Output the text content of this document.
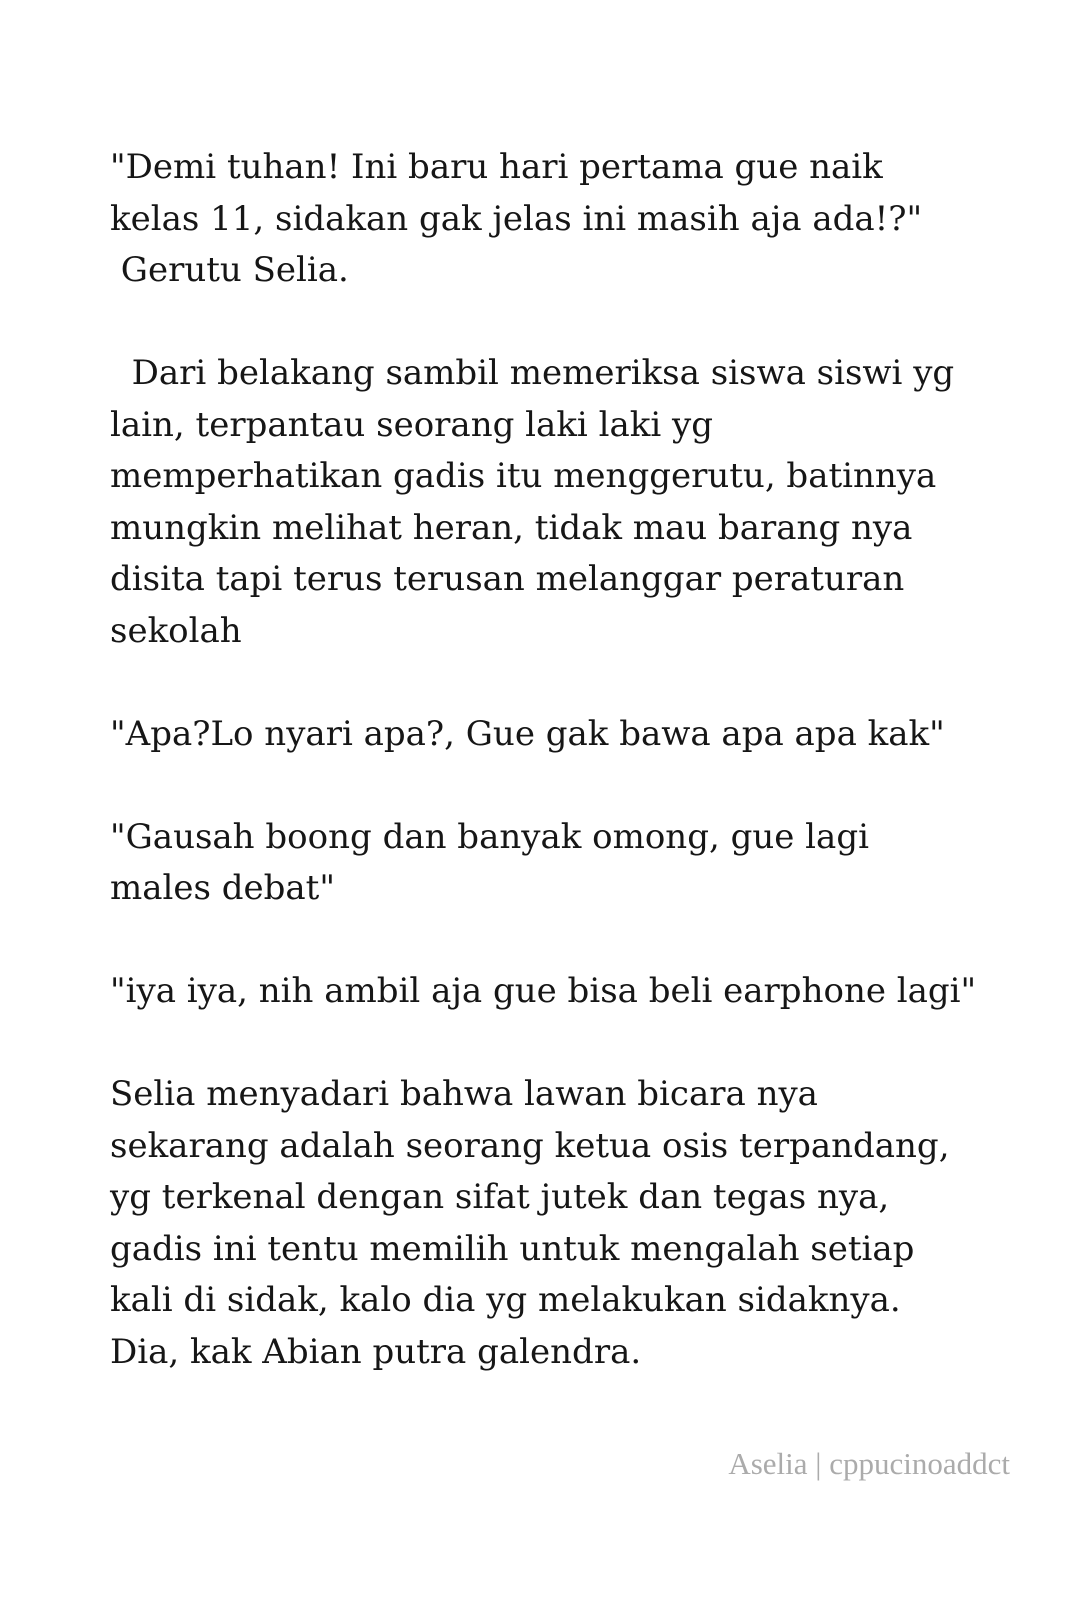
"Demi tuhan! Ini baru hari pertama gue naik
kelas 11, sidakan gak jelas ini masih aja ada!?"
Gerutu Selia.
Dari belakang sambil memeriksa siswa siswi yg
lain, terpantau seorang laki laki yg
memperhatikan gadis itu menggerutu, batinnya
mungkin melihat heran, tidak mau barang nya
disita tapi terus terusan melanggar peraturan
sekolah
"Apa?Lo nyari apa?, Gue gak bawa apa apa kak"
"Gausah boong dan banyak omong, gue lagi
males debat"
"iya iya, nih ambil aja gue bisa beli earphone lagi"
Selia menyadari bahwa lawan bicara nya
sekarang adalah seorang ketua osis terpandang,
yg terkenal dengan sifat jutek dan tegas nya,
gadis ini tentu memilih untuk mengalah setiap
kali di sidak, kalo dia yg melakukan sidaknya.
Dia, kak Abian putra galendra.
Aselia | cppucinoaddct
